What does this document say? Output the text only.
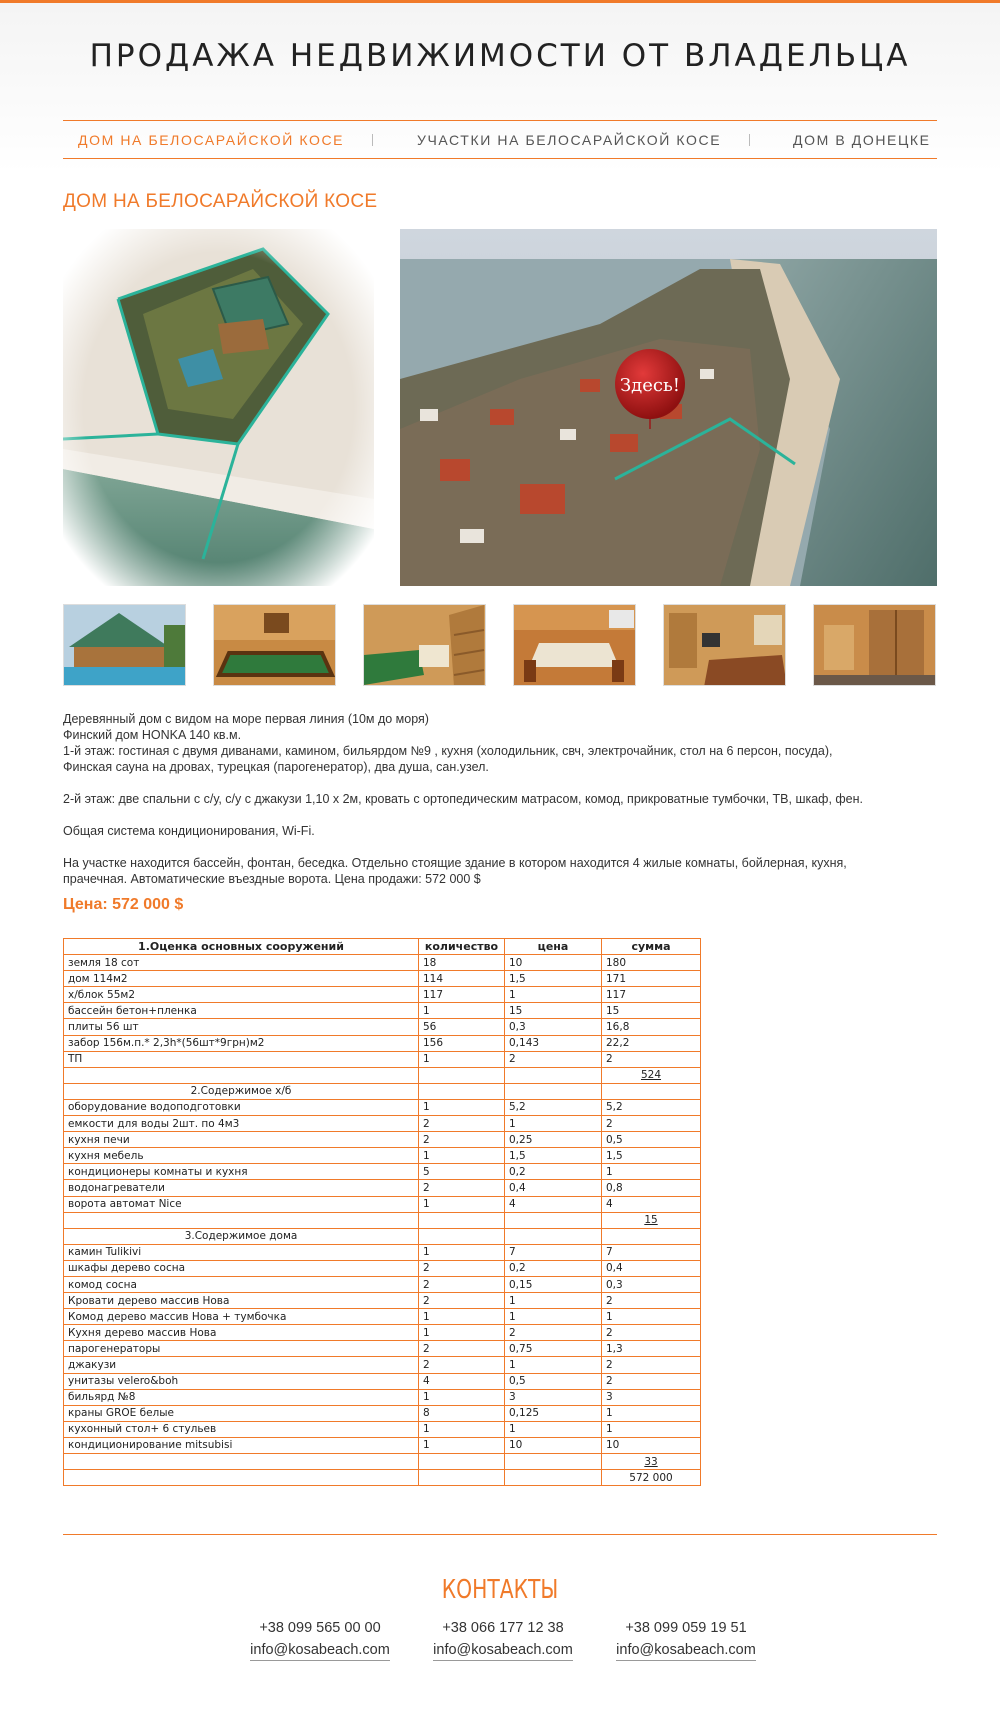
ПРОДАЖА НЕДВИЖИМОСТИ ОТ ВЛАДЕЛЬЦА
ДОМ НА БЕЛОСАРАЙСКОЙ КОСЕ	УЧАСТКИ НА БЕЛОСАРАЙСКОЙ КОСЕ	ДОМ В ДОНЕЦКЕ
ДОМ НА БЕЛОСАРАЙСКОЙ КОСЕ
Здесь!

Деревянный дом с видом на море первая линия (10м до моря)
Финский дом HONKA 140 кв.м.
1-й этаж: гостиная с двумя диванами, камином, бильярдом №9 , кухня (холодильник, свч, электрочайник, стол на 6 персон, посуда),
Финская сауна на дровах, турецкая (парогенератор), два душа, сан.узел.

2-й этаж: две спальни с с/у, с/у с джакузи 1,10 х 2м, кровать с ортопедическим матрасом, комод, прикроватные тумбочки, ТВ, шкаф, фен.

Общая система кондиционирования, Wi-Fi.

На участке находится бассейн, фонтан, беседка. Отдельно стоящие здание в котором находится 4 жилые комнаты, бойлерная, кухня,
прачечная. Автоматические въездные ворота. Цена продажи: 572 000 $

Цена: 572 000 $
1.Оценка основных сооружений	количество	цена	сумма
земля 18 сот	18	10	180
дом 114м2	114	1,5	171
х/блок 55м2	117	1	117
бассейн бетон+пленка	1	15	15
плиты 56 шт	56	0,3	16,8
забор 156м.п.* 2,3h*(56шт*9грн)м2	156	0,143	22,2
ТП	1	2	2
			524
2.Содержимое х/б			
оборудование водоподготовки	1	5,2	5,2
емкости для воды 2шт. по 4м3	2	1	2
кухня печи	2	0,25	0,5
кухня мебель	1	1,5	1,5
кондиционеры комнаты и кухня	5	0,2	1
водонагреватели	2	0,4	0,8
ворота автомат Nice	1	4	4
			15
3.Содержимое дома			
камин Tulikivi	1	7	7
шкафы дерево сосна	2	0,2	0,4
комод сосна	2	0,15	0,3
Кровати дерево массив Нова	2	1	2
Комод дерево массив Нова + тумбочка	1	1	1
Кухня дерево массив Нова	1	2	2
парогенераторы	2	0,75	1,3
джакузи	2	1	2
унитазы velero&boh	4	0,5	2
бильярд №8	1	3	3
краны GROE белые	8	0,125	1
кухонный стол+ 6 стульев	1	1	1
кондиционирование mitsubisi	1	10	10
			33
			572 000
КОНТАКТЫ
+38 099 565 00 00
info@kosabeach.com
+38 066 177 12 38
info@kosabeach.com
+38 099 059 19 51
info@kosabeach.com
